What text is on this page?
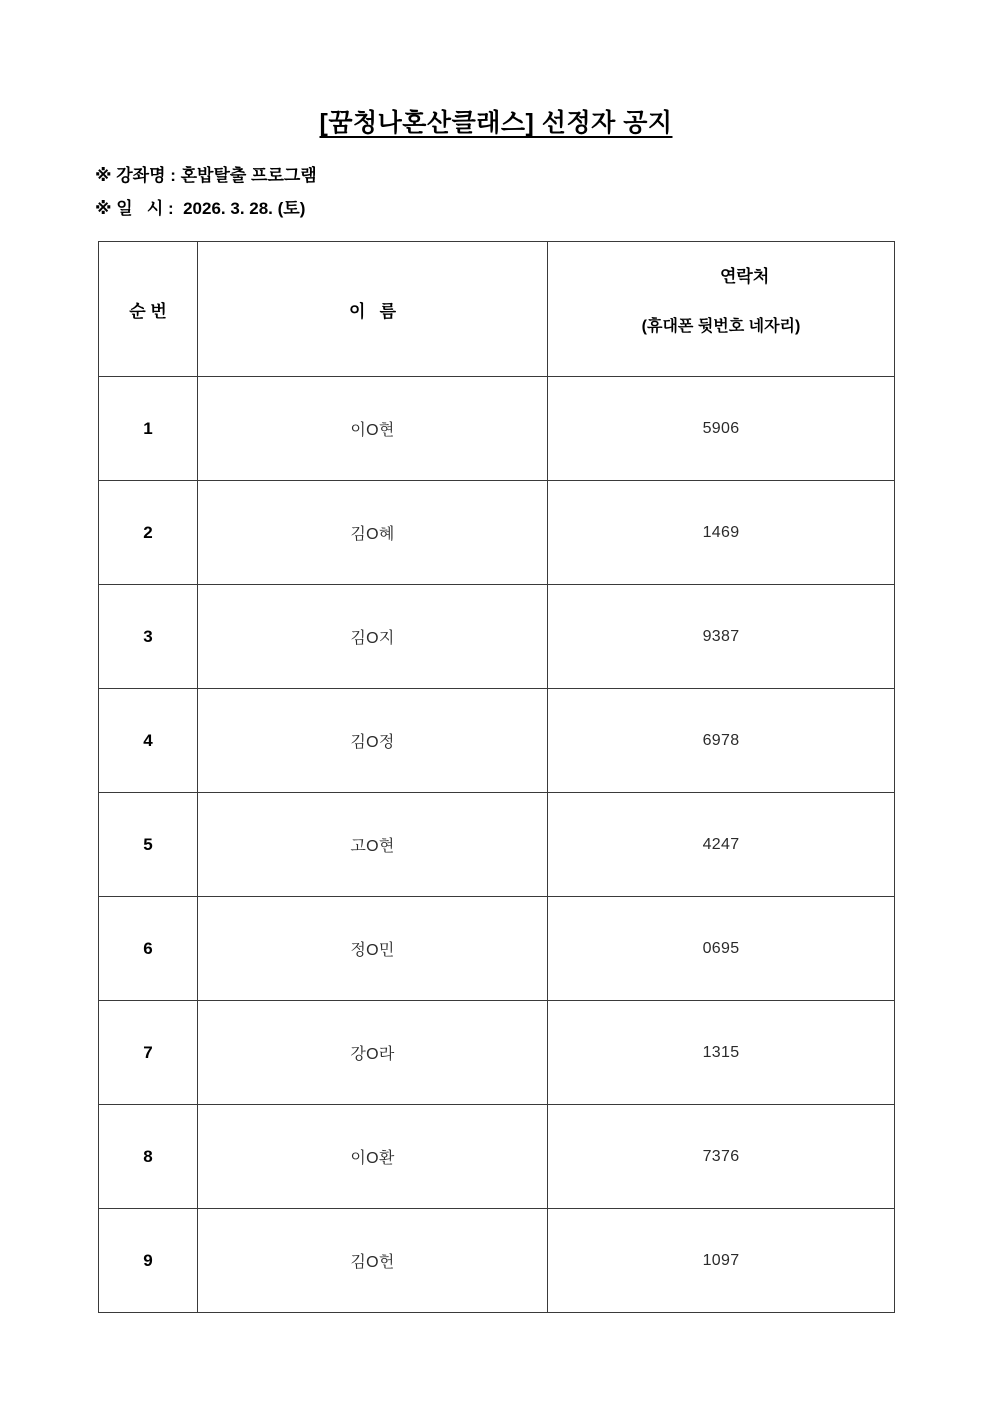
[꿈청나혼산클래스] 선정자 공지
※ 강좌명 : 혼밥탈출 프로그램
※ 일   시 :  2026. 3. 28. (토)
순 번	이   름	연락처

(휴대폰 뒷번호 네자리)

1	이O현	5906
2	김O혜	1469
3	김O지	9387
4	김O정	6978
5	고O현	4247
6	정O민	0695
7	강O라	1315
8	이O환	7376
9	김O헌	1097
